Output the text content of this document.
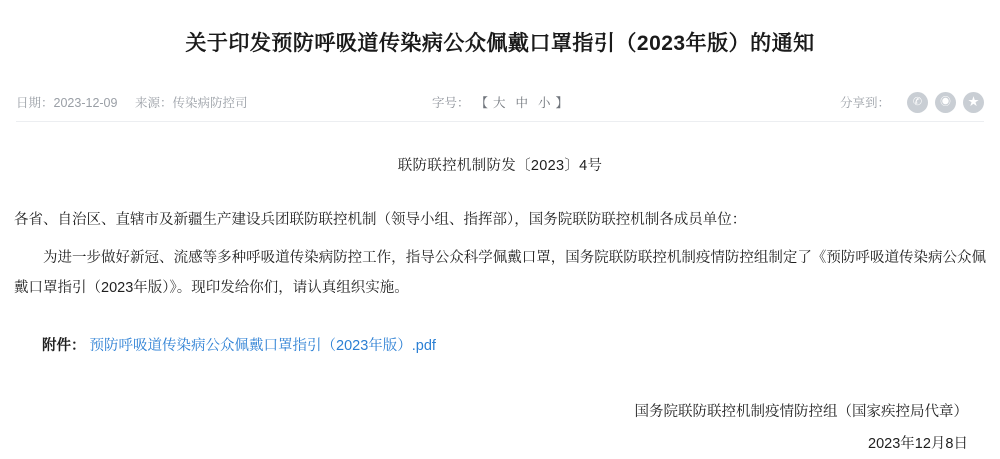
关于印发预防呼吸道传染病公众佩戴口罩指引（2023年版）的通知
日期：2023-12-09 来源：传染病防控司	字号： 【 大 中 小 】	分享到：	✆	◉	★
联防联控机制防发〔2023〕4号

各省、自治区、直辖市及新疆生产建设兵团联防联控机制（领导小组、指挥部），国务院联防联控机制各成员单位：

为进一步做好新冠、流感等多种呼吸道传染病防控工作，指导公众科学佩戴口罩，国务院联防联控机制疫情防控组制定了《预防呼吸道传染病公众佩戴口罩指引（2023年版）》。现印发给你们，请认真组织实施。

附件： 预防呼吸道传染病公众佩戴口罩指引（2023年版）.pdf
国务院联防联控机制疫情防控组（国家疾控局代章）
2023年12月8日
